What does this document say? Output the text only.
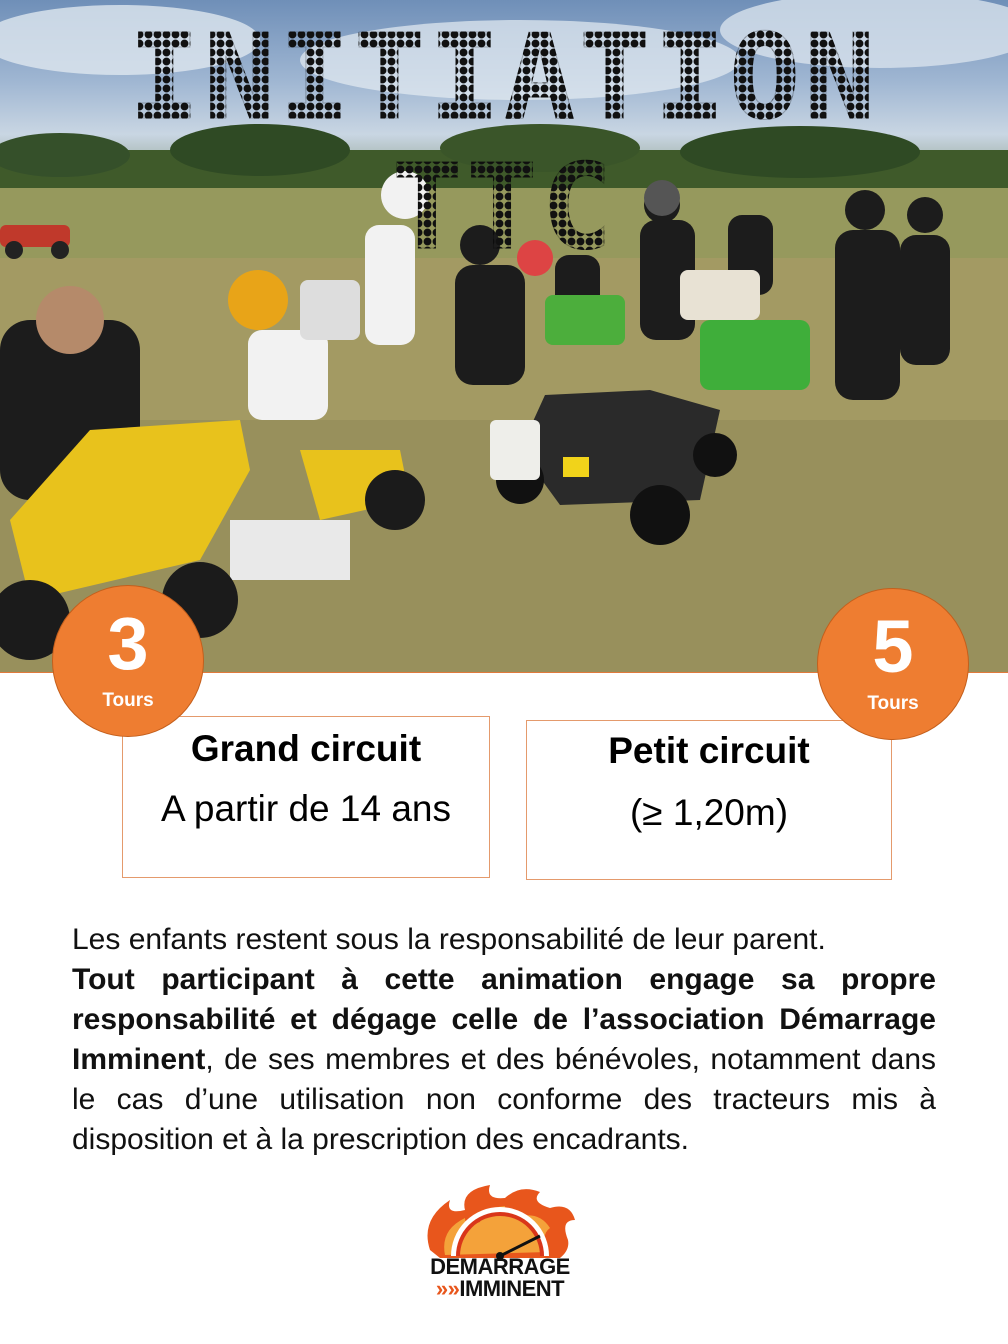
INITIATION TTC
Grand circuit
A partir de 14 ans
Petit circuit
(≥ 1,20m)
3
Tours
5
Tours
Les enfants restent sous la responsabilité de leur parent.
Tout participant à cette animation engage sa propre responsabilité et dégage celle de l’association Démarrage Imminent, de ses membres et des bénévoles, notamment dans le cas d’une utilisation non conforme des tracteurs mis à disposition et à la prescription des encadrants.
DEMARRAGE
»»IMMINENT
